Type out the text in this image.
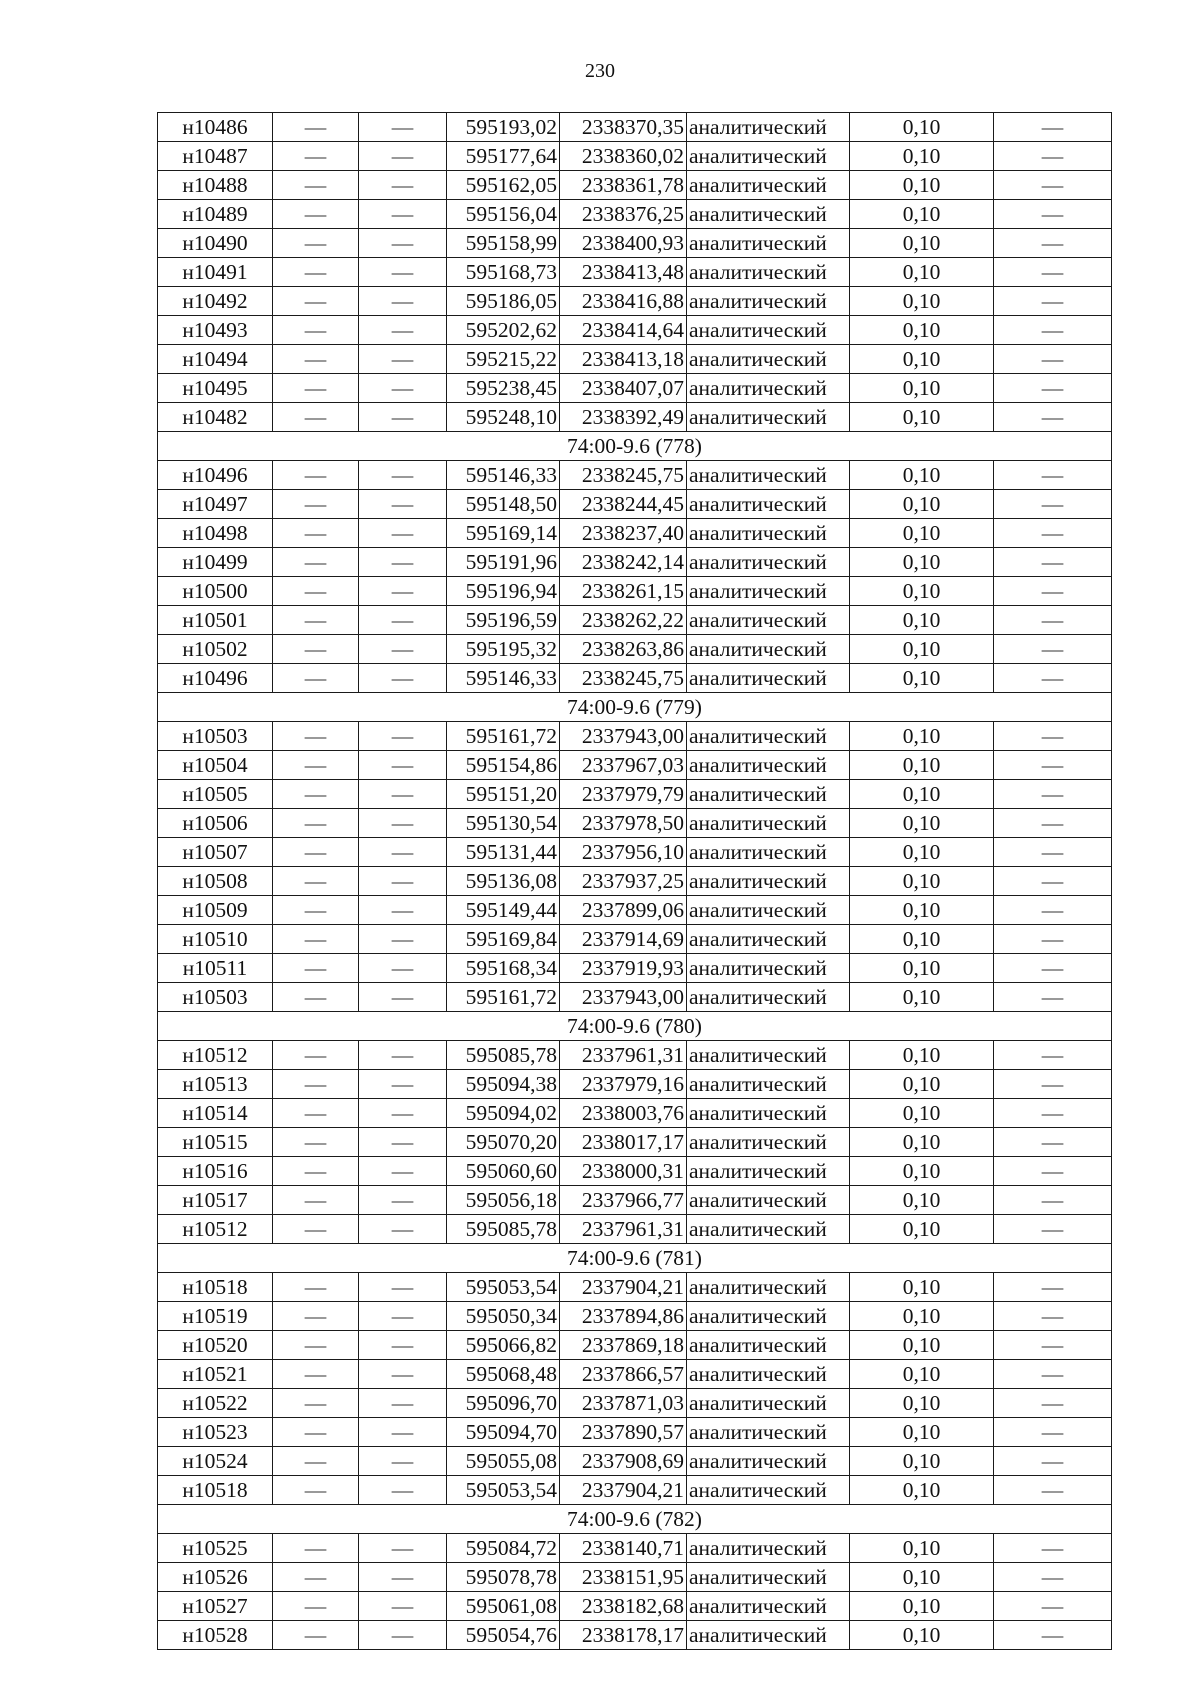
230
н10486	—	—	595193,02	2338370,35	аналитический	0,10	—
н10487	—	—	595177,64	2338360,02	аналитический	0,10	—
н10488	—	—	595162,05	2338361,78	аналитический	0,10	—
н10489	—	—	595156,04	2338376,25	аналитический	0,10	—
н10490	—	—	595158,99	2338400,93	аналитический	0,10	—
н10491	—	—	595168,73	2338413,48	аналитический	0,10	—
н10492	—	—	595186,05	2338416,88	аналитический	0,10	—
н10493	—	—	595202,62	2338414,64	аналитический	0,10	—
н10494	—	—	595215,22	2338413,18	аналитический	0,10	—
н10495	—	—	595238,45	2338407,07	аналитический	0,10	—
н10482	—	—	595248,10	2338392,49	аналитический	0,10	—
74:00-9.6 (778)							
н10496	—	—	595146,33	2338245,75	аналитический	0,10	—
н10497	—	—	595148,50	2338244,45	аналитический	0,10	—
н10498	—	—	595169,14	2338237,40	аналитический	0,10	—
н10499	—	—	595191,96	2338242,14	аналитический	0,10	—
н10500	—	—	595196,94	2338261,15	аналитический	0,10	—
н10501	—	—	595196,59	2338262,22	аналитический	0,10	—
н10502	—	—	595195,32	2338263,86	аналитический	0,10	—
н10496	—	—	595146,33	2338245,75	аналитический	0,10	—
74:00-9.6 (779)							
н10503	—	—	595161,72	2337943,00	аналитический	0,10	—
н10504	—	—	595154,86	2337967,03	аналитический	0,10	—
н10505	—	—	595151,20	2337979,79	аналитический	0,10	—
н10506	—	—	595130,54	2337978,50	аналитический	0,10	—
н10507	—	—	595131,44	2337956,10	аналитический	0,10	—
н10508	—	—	595136,08	2337937,25	аналитический	0,10	—
н10509	—	—	595149,44	2337899,06	аналитический	0,10	—
н10510	—	—	595169,84	2337914,69	аналитический	0,10	—
н10511	—	—	595168,34	2337919,93	аналитический	0,10	—
н10503	—	—	595161,72	2337943,00	аналитический	0,10	—
74:00-9.6 (780)							
н10512	—	—	595085,78	2337961,31	аналитический	0,10	—
н10513	—	—	595094,38	2337979,16	аналитический	0,10	—
н10514	—	—	595094,02	2338003,76	аналитический	0,10	—
н10515	—	—	595070,20	2338017,17	аналитический	0,10	—
н10516	—	—	595060,60	2338000,31	аналитический	0,10	—
н10517	—	—	595056,18	2337966,77	аналитический	0,10	—
н10512	—	—	595085,78	2337961,31	аналитический	0,10	—
74:00-9.6 (781)							
н10518	—	—	595053,54	2337904,21	аналитический	0,10	—
н10519	—	—	595050,34	2337894,86	аналитический	0,10	—
н10520	—	—	595066,82	2337869,18	аналитический	0,10	—
н10521	—	—	595068,48	2337866,57	аналитический	0,10	—
н10522	—	—	595096,70	2337871,03	аналитический	0,10	—
н10523	—	—	595094,70	2337890,57	аналитический	0,10	—
н10524	—	—	595055,08	2337908,69	аналитический	0,10	—
н10518	—	—	595053,54	2337904,21	аналитический	0,10	—
74:00-9.6 (782)							
н10525	—	—	595084,72	2338140,71	аналитический	0,10	—
н10526	—	—	595078,78	2338151,95	аналитический	0,10	—
н10527	—	—	595061,08	2338182,68	аналитический	0,10	—
н10528	—	—	595054,76	2338178,17	аналитический	0,10	—
